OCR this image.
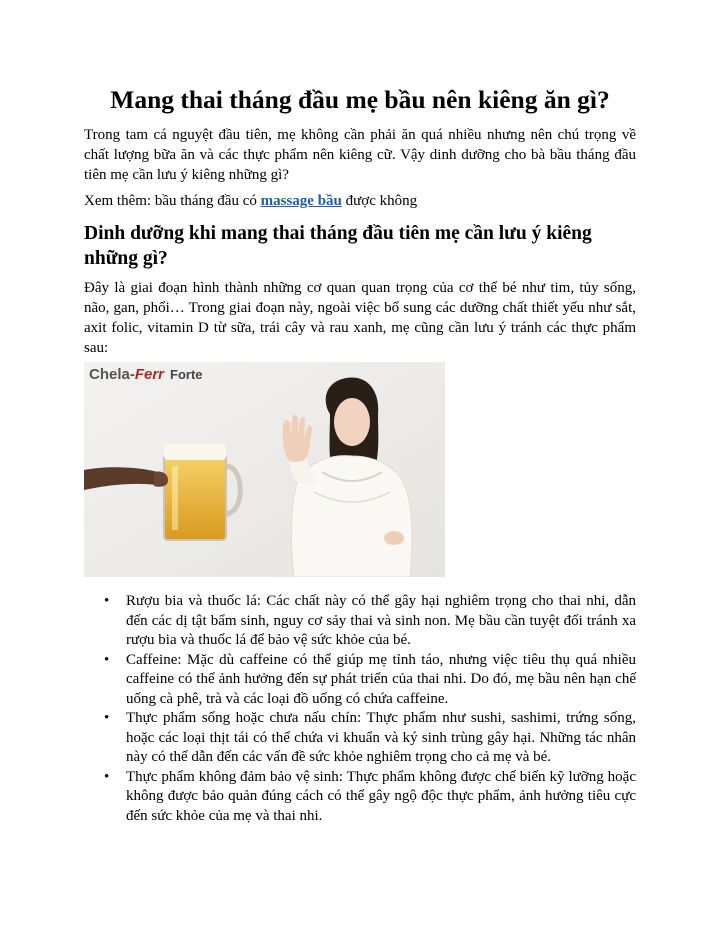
Mang thai tháng đầu mẹ bầu nên kiêng ăn gì?

Trong tam cá nguyệt đầu tiên, mẹ không cần phải ăn quá nhiều nhưng nên chú trọng về chất lượng bữa ăn và các thực phẩm nên kiêng cữ. Vậy dinh dưỡng cho bà bầu tháng đầu tiên mẹ cần lưu ý kiêng những gì?

Xem thêm: bầu tháng đầu có massage bầu được không

Dinh dưỡng khi mang thai tháng đầu tiên mẹ cần lưu ý kiêng những gì?

Đây là giai đoạn hình thành những cơ quan quan trọng của cơ thể bé như tim, tủy sống, não, gan, phổi… Trong giai đoạn này, ngoài việc bổ sung các dưỡng chất thiết yếu như sắt, axit folic, vitamin D từ sữa, trái cây và rau xanh, mẹ cũng cần lưu ý tránh các thực phẩm sau:

Chela-Ferr Forte
•	Rượu bia và thuốc lá: Các chất này có thể gây hại nghiêm trọng cho thai nhi, dẫn đến các dị tật bẩm sinh, nguy cơ sảy thai và sinh non. Mẹ bầu cần tuyệt đối tránh xa rượu bia và thuốc lá để bảo vệ sức khỏe của bé.
•	Caffeine: Mặc dù caffeine có thể giúp mẹ tỉnh táo, nhưng việc tiêu thụ quá nhiều caffeine có thể ảnh hưởng đến sự phát triển của thai nhi. Do đó, mẹ bầu nên hạn chế uống cà phê, trà và các loại đồ uống có chứa caffeine.
•	Thực phẩm sống hoặc chưa nấu chín: Thực phẩm như sushi, sashimi, trứng sống, hoặc các loại thịt tái có thể chứa vi khuẩn và ký sinh trùng gây hại. Những tác nhân này có thể dẫn đến các vấn đề sức khỏe nghiêm trọng cho cả mẹ và bé.
•	Thực phẩm không đảm bảo vệ sinh: Thực phẩm không được chế biến kỹ lưỡng hoặc không được bảo quản đúng cách có thể gây ngộ độc thực phẩm, ảnh hưởng tiêu cực đến sức khỏe của mẹ và thai nhi.
